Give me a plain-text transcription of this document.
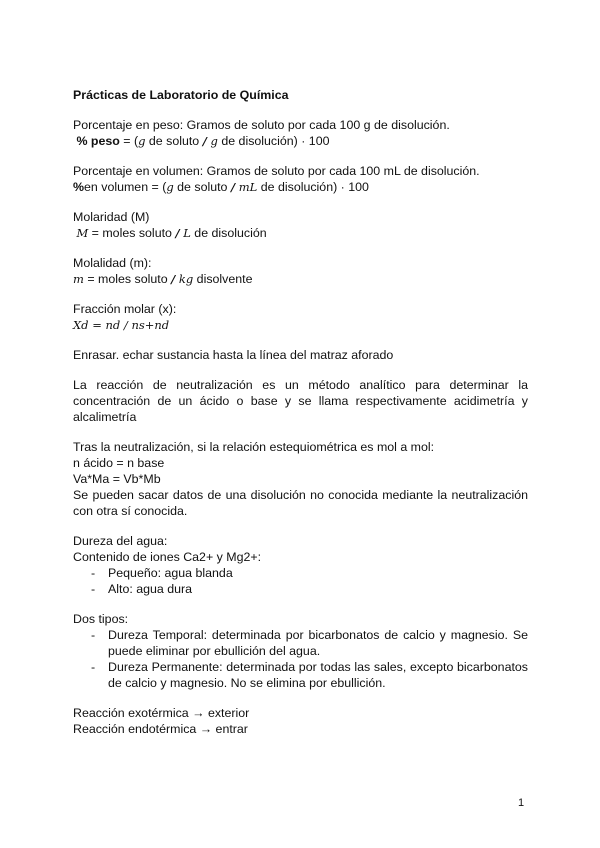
Prácticas de Laboratorio de Química
Porcentaje en peso: Gramos de soluto por cada 100 g de disolución.
% peso = (g de soluto / g de disolución) · 100
Porcentaje en volumen: Gramos de soluto por cada 100 mL de disolución.
%en volumen = (g de soluto / mL de disolución) · 100
Molaridad (M)
M = moles soluto / L de disolución
Molalidad (m):
m = moles soluto / kg disolvente
Fracción molar (x):
Xd = nd / ns+nd
Enrasar. echar sustancia hasta la línea del matraz aforado
La reacción de neutralización es un método analítico para determinar la concentración de un ácido o base y se llama respectivamente acidimetría y alcalimetría
Tras la neutralización, si la relación estequiométrica es mol a mol:
n ácido = n base
Va*Ma = Vb*Mb
Se pueden sacar datos de una disolución no conocida mediante la neutralización con otra sí conocida.
Dureza del agua:
Contenido de iones Ca2+ y Mg2+:
- Pequeño: agua blanda
- Alto: agua dura
Dos tipos:
- Dureza Temporal: determinada por bicarbonatos de calcio y magnesio. Se puede eliminar por ebullición del agua.
- Dureza Permanente: determinada por todas las sales, excepto bicarbonatos de calcio y magnesio. No se elimina por ebullición.
Reacción exotérmica → exterior
Reacción endotérmica → entrar
1
